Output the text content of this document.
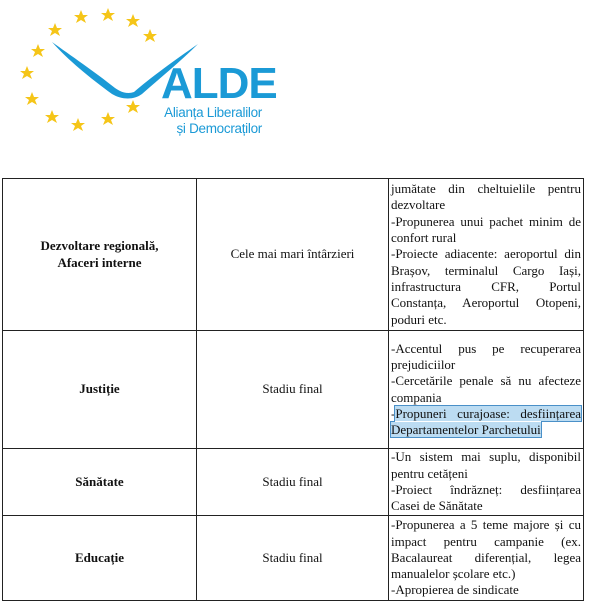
ALDE
Alianța Liberalilor
și Democraților
Dezvoltare regională, Afaceri interne	Cele mai mari întârzieri	jumătate din cheltuielile pentru dezvoltare
-Propunerea unui pachet minim de confort rural
-Proiecte adiacente: aeroportul din Brașov, terminalul Cargo Iași, infrastructura CFR, Portul Constanța, Aeroportul Otopeni, poduri etc.

Justiție	Stadiu final	-Accentul pus pe recuperarea prejudiciilor
-Cercetările penale să nu afecteze compania
-Propuneri curajoase: desființarea Departamentelor Parchetului

Sănătate	Stadiu final	-Un sistem mai suplu, disponibil pentru cetățeni
-Proiect îndrăzneț: desființarea Casei de Sănătate

Educație	Stadiu final	-Propunerea a 5 teme majore și cu impact pentru campanie (ex. Bacalaureat diferențial, legea manualelor școlare etc.)
-Apropierea de sindicate
